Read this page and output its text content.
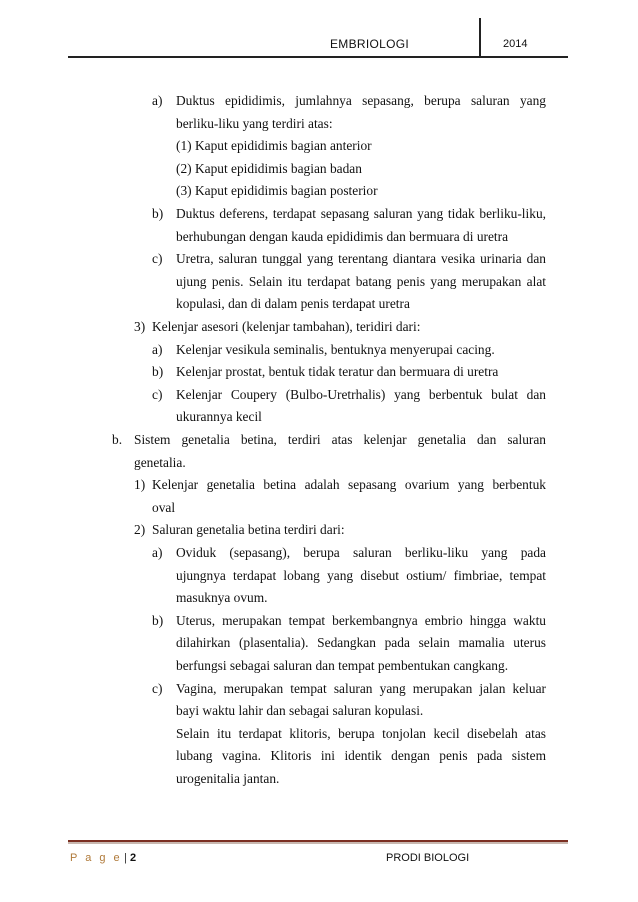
EMBRIOLOGI	2014
a) Duktus epididimis, jumlahnya sepasang, berupa saluran yang
berliku-liku yang terdiri atas:
(1) Kaput epididimis bagian anterior
(2) Kaput epididimis bagian badan
(3) Kaput epididimis bagian posterior
b) Duktus deferens, terdapat sepasang saluran yang tidak berliku-liku,
berhubungan dengan kauda epididimis dan bermuara di uretra
c) Uretra, saluran tunggal yang terentang diantara vesika urinaria dan
ujung penis. Selain itu terdapat batang penis yang merupakan alat
kopulasi, dan di dalam penis terdapat uretra
3) Kelenjar asesori (kelenjar tambahan), teridiri dari:
a) Kelenjar vesikula seminalis, bentuknya menyerupai cacing.
b) Kelenjar prostat, bentuk tidak teratur dan bermuara di uretra
c) Kelenjar Coupery (Bulbo-Uretrhalis) yang berbentuk bulat dan
ukurannya kecil
b. Sistem genetalia betina, terdiri atas kelenjar genetalia dan saluran
genetalia.
1) Kelenjar genetalia betina adalah sepasang ovarium yang berbentuk
oval
2) Saluran genetalia betina terdiri dari:
a) Oviduk (sepasang), berupa saluran berliku-liku yang pada
ujungnya terdapat lobang yang disebut ostium/ fimbriae, tempat
masuknya ovum.
b) Uterus, merupakan tempat berkembangnya embrio hingga waktu
dilahirkan (plasentalia). Sedangkan pada selain mamalia uterus
berfungsi sebagai saluran dan tempat pembentukan cangkang.
c) Vagina, merupakan tempat saluran yang merupakan jalan keluar
bayi waktu lahir dan sebagai saluran kopulasi.
Selain itu terdapat klitoris, berupa tonjolan kecil disebelah atas
lubang vagina. Klitoris ini identik dengan penis pada sistem
urogenitalia jantan.
P a g e | 2	PRODI BIOLOGI
